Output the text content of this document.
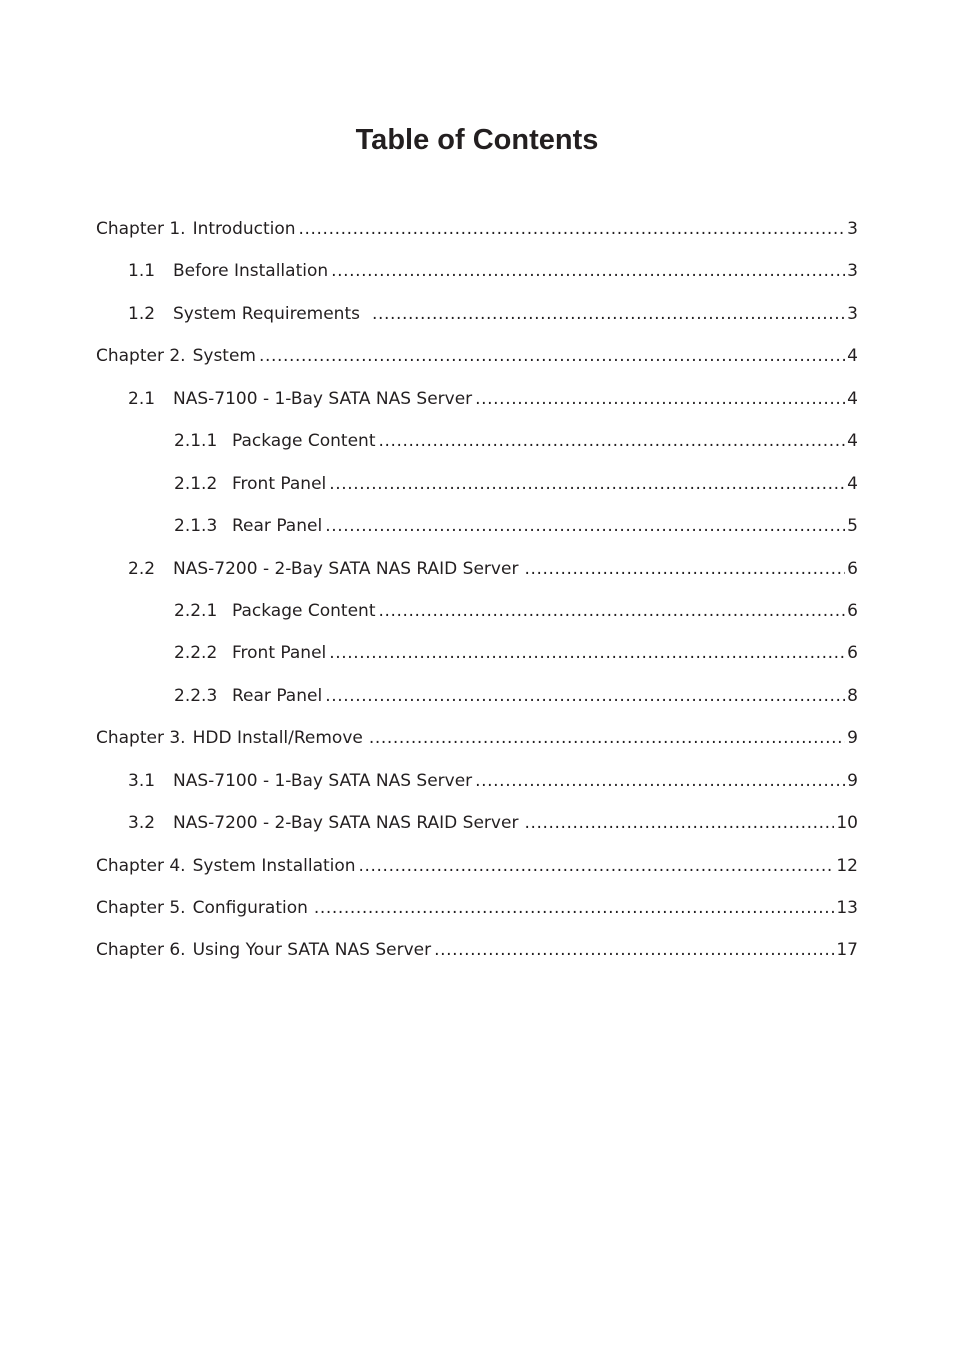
Table of Contents
Chapter 1. Introduction .....	3
1.1	Before Installation .....	3
1.2	System Requirements .....	3
Chapter 2. System .....	4
2.1	NAS-7100 - 1-Bay SATA NAS Server .....	4
2.1.1 Package Content .....	4
2.1.2 Front Panel .....	4
2.1.3 Rear Panel .....	5
2.2	NAS-7200 - 2-Bay SATA NAS RAID Server .....	6
2.2.1 Package Content .....	6
2.2.2 Front Panel .....	6
2.2.3 Rear Panel .....	8
Chapter 3. HDD Install/Remove .....	9
3.1	NAS-7100 - 1-Bay SATA NAS Server .....	9
3.2	NAS-7200 - 2-Bay SATA NAS RAID Server .....	10
Chapter 4. System Installation .....	12
Chapter 5. Configuration .....	13
Chapter 6. Using Your SATA NAS Server .....	17
